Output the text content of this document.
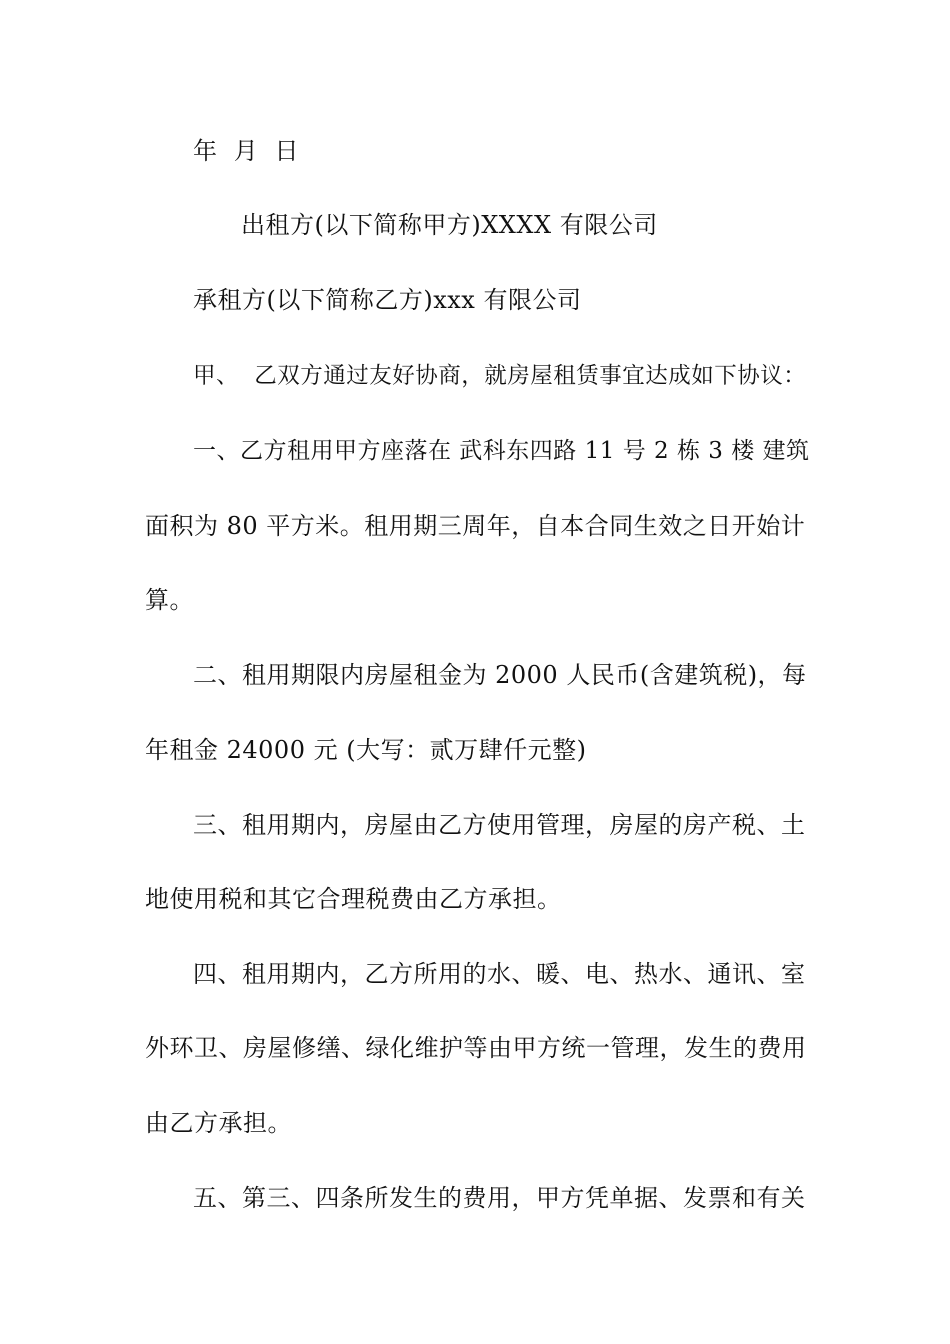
年  月  日
出租方(以下简称甲方)XXXX 有限公司
承租方(以下简称乙方)xxx 有限公司
甲、  乙双方通过友好协商，就房屋租赁事宜达成如下协议：
一、乙方租用甲方座落在 武科东四路 11 号 2 栋 3 楼 建筑
面积为 80 平方米。租用期三周年，自本合同生效之日开始计
算。
二、租用期限内房屋租金为 2000 人民币(含建筑税)，每
年租金 24000 元 (大写：贰万肆仟元整)
三、租用期内，房屋由乙方使用管理，房屋的房产税、土
地使用税和其它合理税费由乙方承担。
四、租用期内，乙方所用的水、暖、电、热水、通讯、室
外环卫、房屋修缮、绿化维护等由甲方统一管理，发生的费用
由乙方承担。
五、第三、四条所发生的费用，甲方凭单据、发票和有关
